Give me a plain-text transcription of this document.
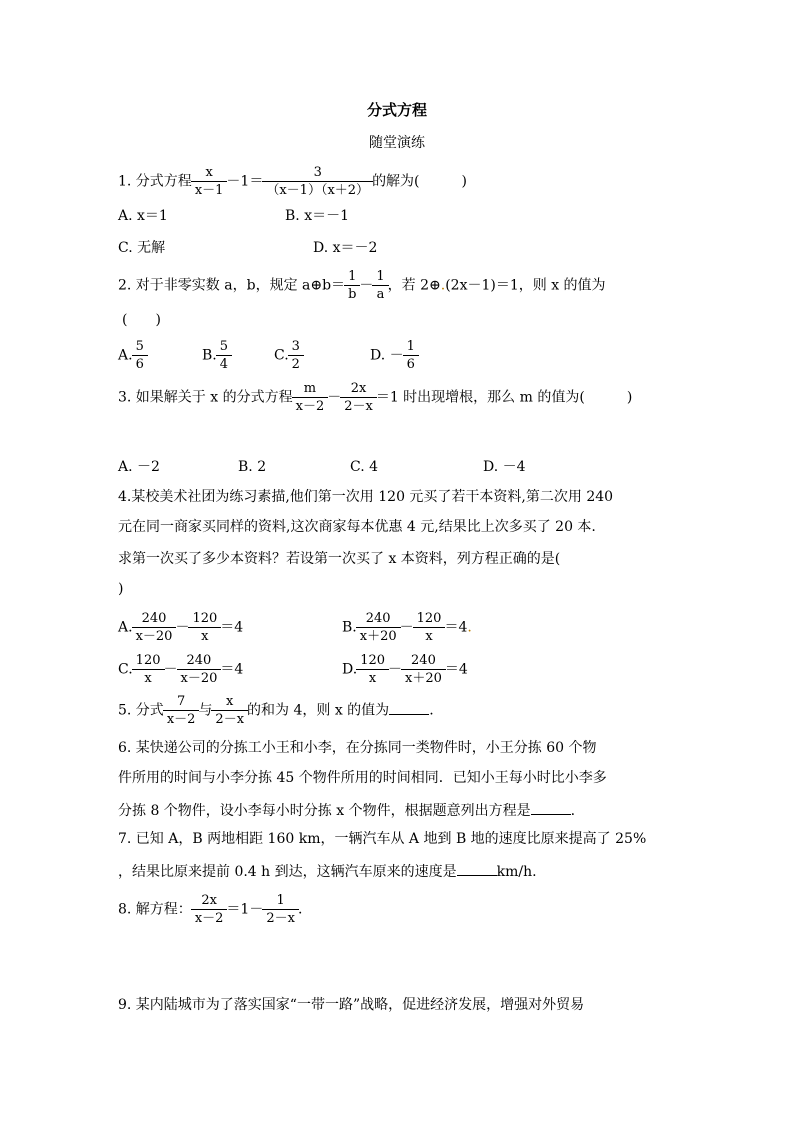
分式方程
随堂演练
1. 分式方程 $\frac{x}{x-1} -1= \frac{3}{(x-1)(x+2)}$ 的解为(　　　)
A. x＝1	B. x＝－1
C. 无解	D. x＝－2
2. 对于非零实数 a，b，规定 a⊕b＝ $\frac{1}{b} - \frac{1}{a}$ ，若 2⊕.(2x－1)＝1，则 x 的值为
(　　)
A. $\frac{5}{6}$	B. $\frac{5}{4}$	C. $\frac{3}{2}$	D. － $\frac{1}{6}$
3. 如果解关于 x 的分式方程 $\frac{m}{x-2} - \frac{2x}{2-x} =1$ 时出现增根，那么 m 的值为(　　　)
A. －2	B. 2	C. 4	D. －4
4.某校美术社团为练习素描,他们第一次用 120 元买了若干本资料,第二次用 240
元在同一商家买同样的资料,这次商家每本优惠 4 元,结果比上次多买了 20 本.
求第一次买了多少本资料？若设第一次买了 x 本资料，列方程正确的是(
)
A. $\frac{240}{x-20} - \frac{120}{x} =4$	B. $\frac{240}{x+20} - \frac{120}{x} =4$.
C. $\frac{120}{x} - \frac{240}{x-20} =4$	D. $\frac{120}{x} - \frac{240}{x+20} =4$
5. 分式 $\frac{7}{x-2}$ 与 $\frac{x}{2-x}$ 的和为 4，则 x 的值为	.
6. 某快递公司的分拣工小王和小李，在分拣同一类物件时，小王分拣 60 个物
件所用的时间与小李分拣 45 个物件所用的时间相同．已知小王每小时比小李多
分拣 8 个物件，设小李每小时分拣 x 个物件，根据题意列出方程是	.
7. 已知 A，B 两地相距 160 km，一辆汽车从 A 地到 B 地的速度比原来提高了 25%
，结果比原来提前 0.4 h 到达，这辆汽车原来的速度是	km/h.
8. 解方程： $\frac{2x}{x-2} =1- \frac{1}{2-x}$ .
9. 某内陆城市为了落实国家“一带一路”战略，促进经济发展，增强对外贸易
